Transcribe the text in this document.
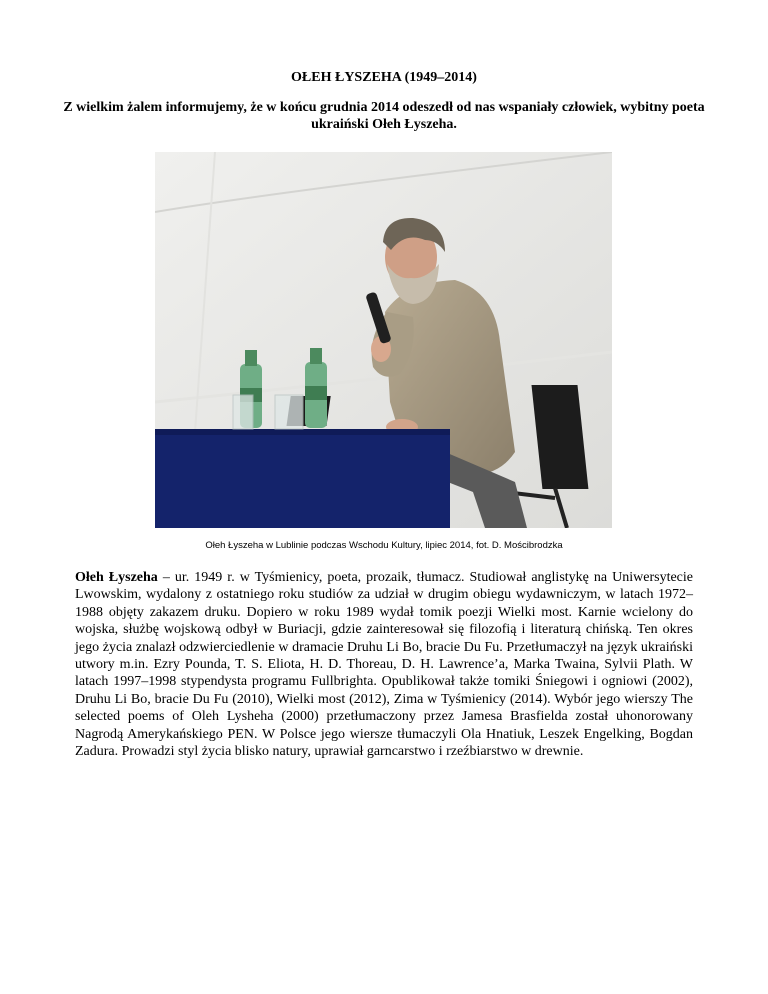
OŁEH ŁYSZEHA (1949–2014)
Z wielkim żalem informujemy, że w końcu grudnia 2014 odeszedł od nas wspaniały człowiek, wybitny poeta ukraiński Ołeh Łyszeha.
Ołeh Łyszeha w Lublinie podczas Wschodu Kultury, lipiec 2014, fot. D. Mościbrodzka
Ołeh Łyszeha – ur. 1949 r. w Tyśmienicy, poeta, prozaik, tłumacz. Studiował anglistykę na Uniwersytecie Lwowskim, wydalony z ostatniego roku studiów za udział w drugim obiegu wydawniczym, w latach 1972–1988 objęty zakazem druku. Dopiero w roku 1989 wydał tomik poezji Wielki most. Karnie wcielony do wojska, służbę wojskową odbył w Buriacji, gdzie zainteresował się filozofią i literaturą chińską. Ten okres jego życia znalazł odzwierciedlenie w dramacie Druhu Li Bo, bracie Du Fu. Przetłumaczył na język ukraiński utwory m.in. Ezry Pounda, T. S. Eliota, H. D. Thoreau, D. H. Lawrence’a, Marka Twaina, Sylvii Plath. W latach 1997–1998 stypendysta programu Fullbrighta. Opublikował także tomiki Śniegowi i ogniowi (2002), Druhu Li Bo, bracie Du Fu (2010), Wielki most (2012), Zima w Tyśmienicy (2014). Wybór jego wierszy The selected poems of Oleh Lysheha (2000) przetłumaczony przez Jamesa Brasfielda został uhonorowany Nagrodą Amerykańskiego PEN. W Polsce jego wiersze tłumaczyli Ola Hnatiuk, Leszek Engelking, Bogdan Zadura. Prowadzi styl życia blisko natury, uprawiał garncarstwo i rzeźbiarstwo w drewnie.
